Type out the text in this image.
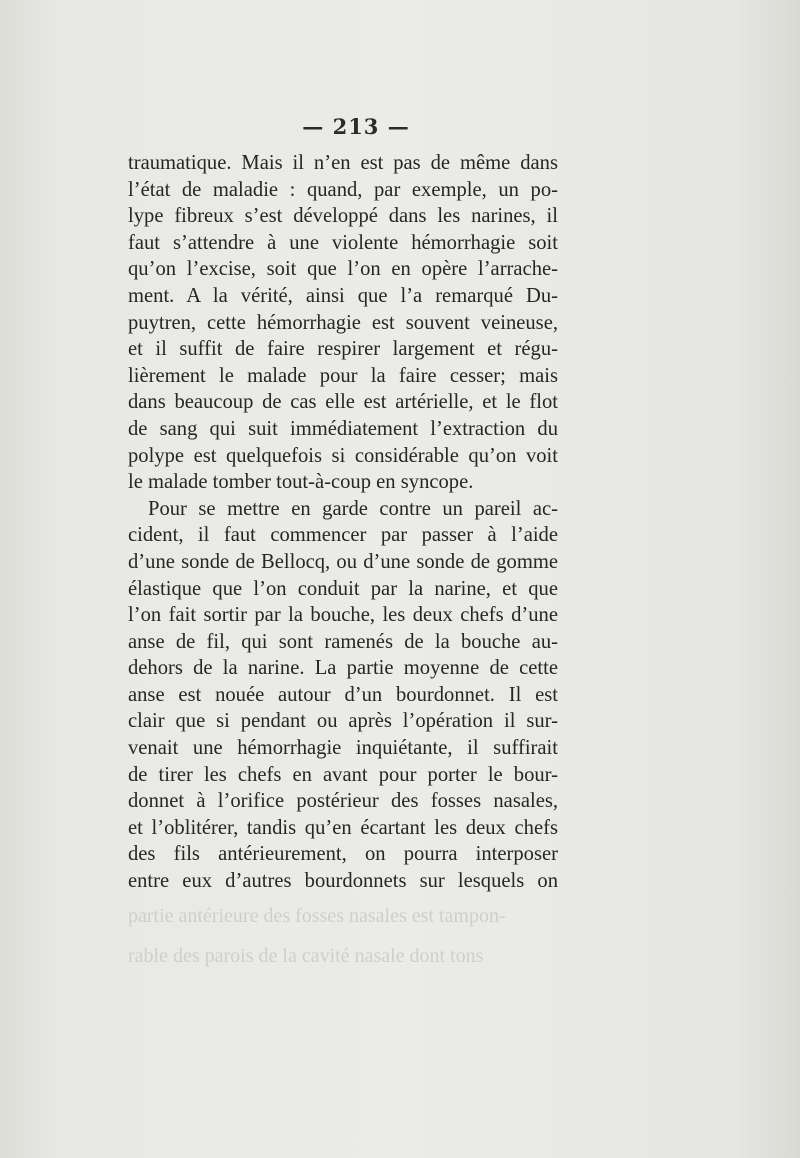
— 213 —
traumatique. Mais il n’en est pas de même dans
l’état de maladie : quand, par exemple, un po-
lype fibreux s’est développé dans les narines, il
faut s’attendre à une violente hémorrhagie soit
qu’on l’excise, soit que l’on en opère l’arrache-
ment. A la vérité, ainsi que l’a remarqué Du-
puytren, cette hémorrhagie est souvent veineuse,
et il suffit de faire respirer largement et régu-
lièrement le malade pour la faire cesser; mais
dans beaucoup de cas elle est artérielle, et le flot
de sang qui suit immédiatement l’extraction du
polype est quelquefois si considérable qu’on voit
le malade tomber tout-à-coup en syncope.
Pour se mettre en garde contre un pareil ac-
cident, il faut commencer par passer à l’aide
d’une sonde de Bellocq, ou d’une sonde de gomme
élastique que l’on conduit par la narine, et que
l’on fait sortir par la bouche, les deux chefs d’une
anse de fil, qui sont ramenés de la bouche au-
dehors de la narine. La partie moyenne de cette
anse est nouée autour d’un bourdonnet. Il est
clair que si pendant ou après l’opération il sur-
venait une hémorrhagie inquiétante, il suffirait
de tirer les chefs en avant pour porter le bour-
donnet à l’orifice postérieur des fosses nasales,
et l’oblitérer, tandis qu’en écartant les deux chefs
des fils antérieurement, on pourra interposer
entre eux d’autres bourdonnets sur lesquels on
partie antérieure des fosses nasales est tampon-
rable des parois de la cavité nasale dont tons
